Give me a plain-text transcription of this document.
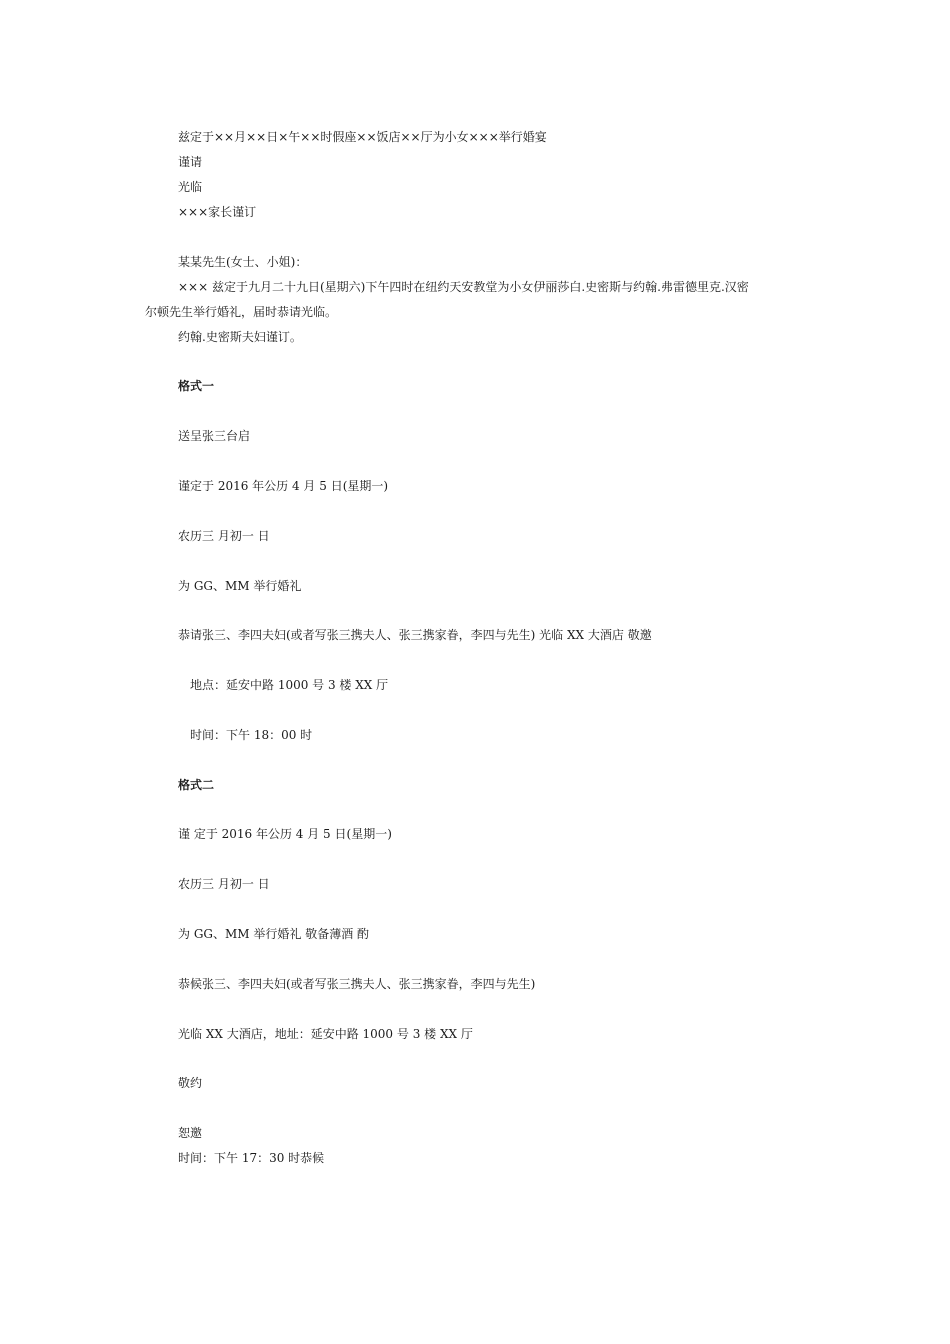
兹定于××月××日×午××时假座××饭店××厅为小女×××举行婚宴
谨请
光临
×××家长谨订
某某先生(女士、小姐)：
××× 兹定于九月二十九日(星期六)下午四时在纽约天安教堂为小女伊丽莎白.史密斯与约翰.弗雷德里克.汉密
尔顿先生举行婚礼，届时恭请光临。
约翰.史密斯夫妇谨订。
格式一
送呈张三台启
谨定于 2016 年公历 4 月 5 日(星期一)
农历三 月初一 日
为 GG、MM 举行婚礼
恭请张三、李四夫妇(或者写张三携夫人、张三携家眷，李四与先生) 光临 XX 大酒店 敬邀
地点：延安中路 1000 号 3 楼 XX 厅
时间：下午 18：00 时
格式二
谨 定于 2016 年公历 4 月 5 日(星期一)
农历三 月初一 日
为 GG、MM 举行婚礼 敬备薄酒 酌
恭候张三、李四夫妇(或者写张三携夫人、张三携家眷，李四与先生)
光临 XX 大酒店，地址：延安中路 1000 号 3 楼 XX 厅
敬约
恕邀
时间：下午 17：30 时恭候
